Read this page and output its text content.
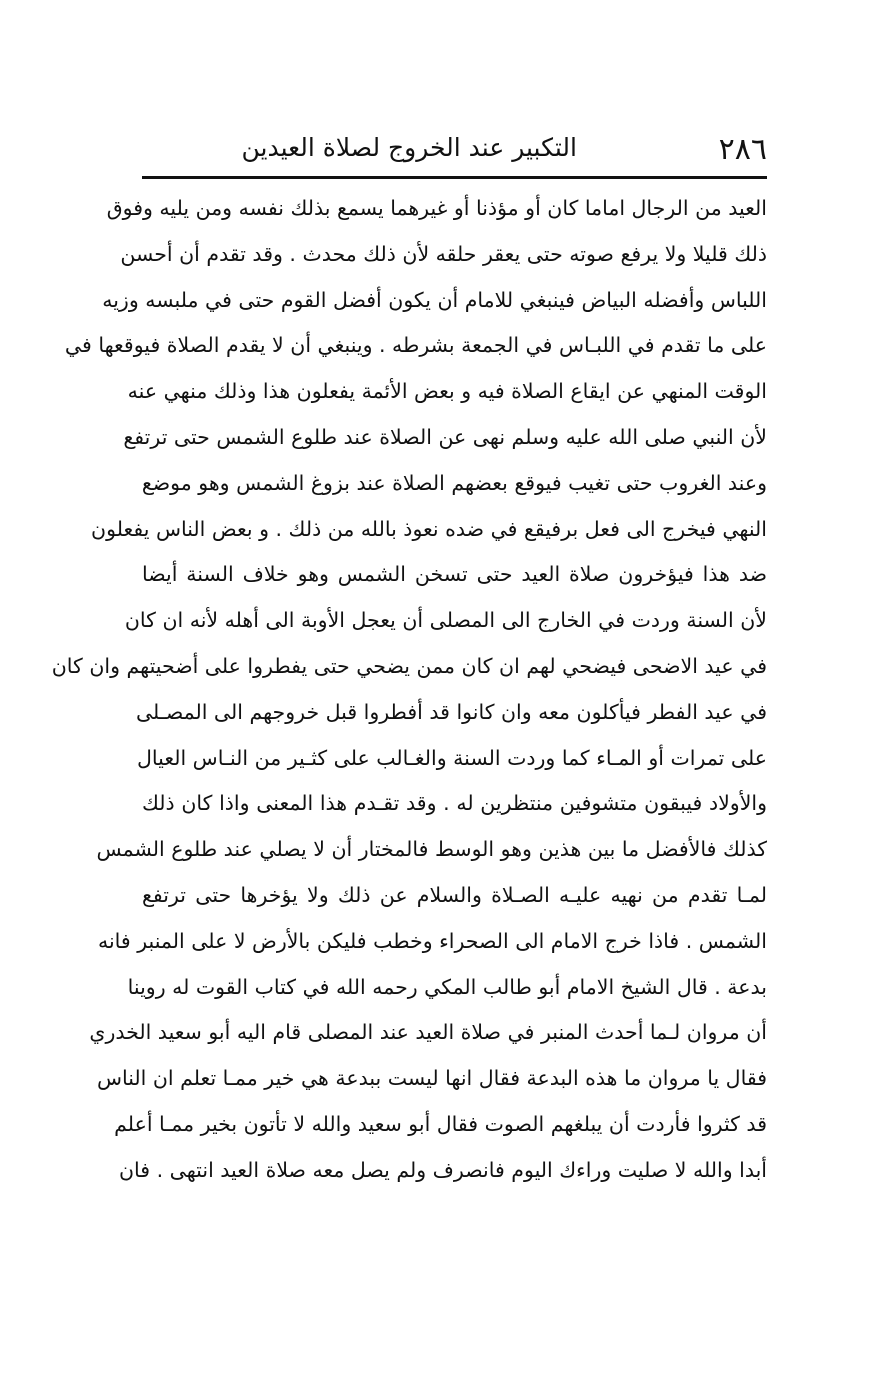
٢٨٦
التكبير عند الخروج لصلاة العيدين
العيد من الرجال اماما كان أو مؤذنا أو غيرهما يسمع بذلك نفسه ومن يليه وفوق
ذلك قليلا ولا يرفع صوته حتى يعقر حلقه لأن ذلك محدث . وقد تقدم أن أحسن
اللباس وأفضله البياض فينبغي للامام أن يكون أفضل القوم حتى في ملبسه وزيه
على ما تقدم في اللبـاس في الجمعة بشرطه . وينبغي أن لا يقدم الصلاة فيوقعها في
الوقت المنهي عن ايقاع الصلاة فيه و بعض الأئمة يفعلون هذا وذلك منهي عنه
لأن النبي صلى الله عليه وسلم نهى عن الصلاة عند طلوع الشمس حتى ترتفع
وعند الغروب حتى تغيب فيوقع بعضهم الصلاة عند بزوغ الشمس وهو موضع
النهي فيخرج الى فعل برفيقع في ضده نعوذ بالله من ذلك . و بعض الناس يفعلون
ضد هذا فيؤخرون صلاة العيد حتى تسخن الشمس وهو خلاف السنة أيضا
لأن السنة وردت في الخارج الى المصلى أن يعجل الأوبة الى أهله لأنه ان كان
في عيد الاضحى فيضحي لهم ان كان ممن يضحي حتى يفطروا على أضحيتهم وان كان
في عيد الفطر فيأكلون معه وان كانوا قد أفطروا قبل خروجهم الى المصـلى
على تمرات أو المـاء كما وردت السنة والغـالب على كثـير من النـاس العيال
والأولاد فيبقون متشوفين منتظرين له . وقد تقـدم هذا المعنى واذا كان ذلك
كذلك فالأفضل ما بين هذين وهو الوسط فالمختار أن لا يصلي عند طلوع الشمس
لمـا تقدم من نهيه عليـه الصـلاة والسلام عن ذلك ولا يؤخرها حتى ترتفع
الشمس . فاذا خرج الامام الى الصحراء وخطب فليكن بالأرض لا على المنبر فانه
بدعة . قال الشيخ الامام أبو طالب المكي رحمه الله في كتاب القوت له روينا
أن مروان لـما أحدث المنبر في صلاة العيد عند المصلى قام اليه أبو سعيد الخدري
فقال يا مروان ما هذه البدعة فقال انها ليست ببدعة هي خير ممـا تعلم ان الناس
قد كثروا فأردت أن يبلغهم الصوت فقال أبو سعيد والله لا تأتون بخير ممـا أعلم
أبدا والله لا صليت وراءك اليوم فانصرف ولم يصل معه صلاة العيد انتهى . فان
